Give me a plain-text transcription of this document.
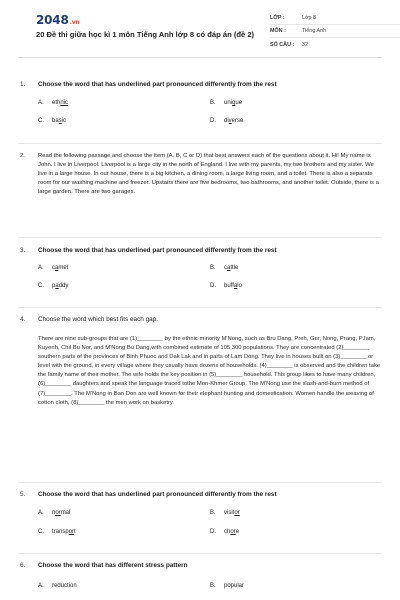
2048.vn
20 Đề thi giữa học kì 1 môn Tiếng Anh lớp 8 có đáp án (đề 2)
LỚP :	Lớp 8
MÔN :	Tiếng Anh
SỐ CÂU :	32
1.	Choose the word that has underlined part pronounced differently from the rest
A. ethnic	B. unique
C. basic	D. diverse
2.	Read the following passage and choose the item (A, B, C or D) that best answers each of the questions about it. Hi! My name is John. I live in Liverpool. Liverpool is a large city in the north of England. I live with my parents, my two brothers and my sister. We live in a large house. In our house, there is a big kitchen, a dining room, a large living room, and a toilet. There is also a separate room for our washing machine and freezer. Upstairs there are five bedrooms, two bathrooms, and another toilet. Outside, there is a large garden. There are two garages.
3.	Choose the word that has underlined part pronounced differently from the rest
A. camel	B. cattle
C. paddy	D. buffalo
4.	Choose the word which best fits each gap.
There are nine sub-groups that are (1)________ by the ethnic minority M'Nong, such as Bru Dang, Preh, Ger, Nong, Prang, PJam, Kuyenh, Chil Bu Nor, and M'Nong Bu Dang,with combined estimate of 105,300 populations. They are concentrated (2)________ southern parts of the provinces of Binh Phuoc and Dak Lak and in parts of Lam Dong. They live in houses built on (3)________ or level with the ground, in every village where they usually have dozens of households. (4)________ is observed and the children take the family name of their mother. The wife holds the key position in (5)________ household. This group likes to have many children, (6)________ daughters and speak the language traced tothe Mon-Khmer Group. The M'Nong use the slash-and-burn method of (7)________. The M'Nong in Ban Don are well known for their elephant hunting and domestication. Women handle the weaving of cotton cloth, (8)________ the men work on basketry.
5.	Choose the word that has underlined part pronounced differently from the rest
A. normal	B. visitor
C. transport	D. chore
6.	Choose the word that has different stress pattern
A. reduction	B. popular
